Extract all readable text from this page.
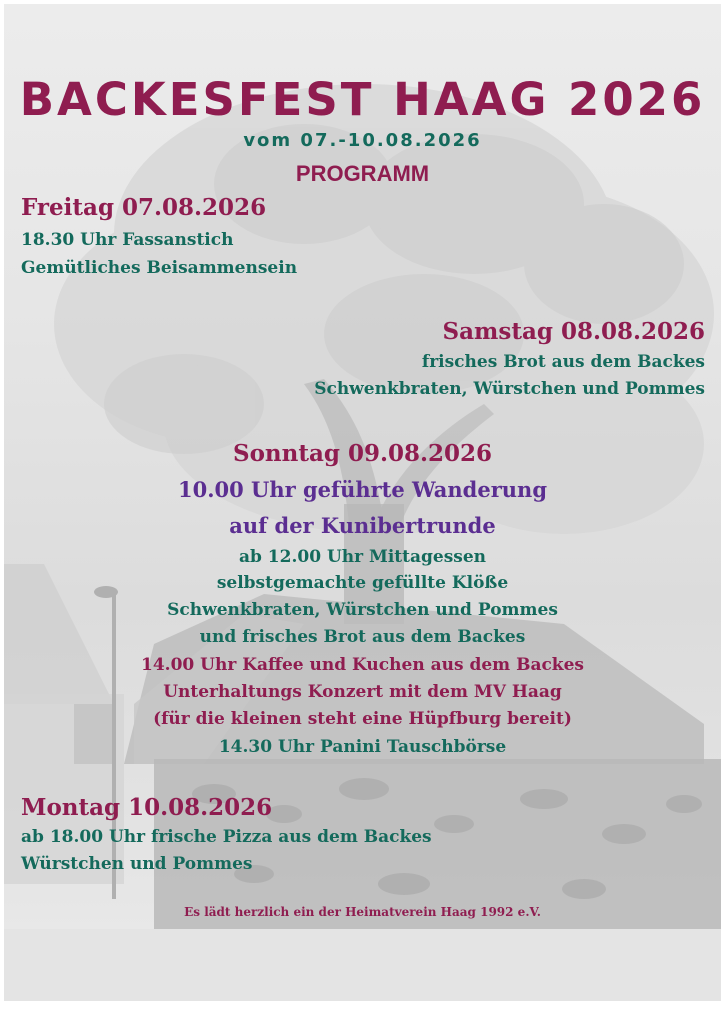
BACKESFEST HAAG 2026
vom 07.-10.08.2026
PROGRAMM
Freitag 07.08.2026
18.30 Uhr Fassanstich
Gemütliches Beisammensein
Samstag 08.08.2026
frisches Brot aus dem Backes
Schwenkbraten, Würstchen und Pommes
Sonntag 09.08.2026
10.00 Uhr geführte Wanderung
auf der Kunibertrunde
ab 12.00 Uhr Mittagessen
selbstgemachte gefüllte Klöße
Schwenkbraten, Würstchen und Pommes
und frisches Brot aus dem Backes
14.00 Uhr Kaffee und Kuchen aus dem Backes
Unterhaltungs Konzert mit dem MV Haag
(für die kleinen steht eine Hüpfburg bereit)
14.30 Uhr Panini Tauschbörse
Montag 10.08.2026
ab 18.00 Uhr frische Pizza aus dem Backes
Würstchen und Pommes
Es lädt herzlich ein der Heimatverein Haag 1992 e.V.
